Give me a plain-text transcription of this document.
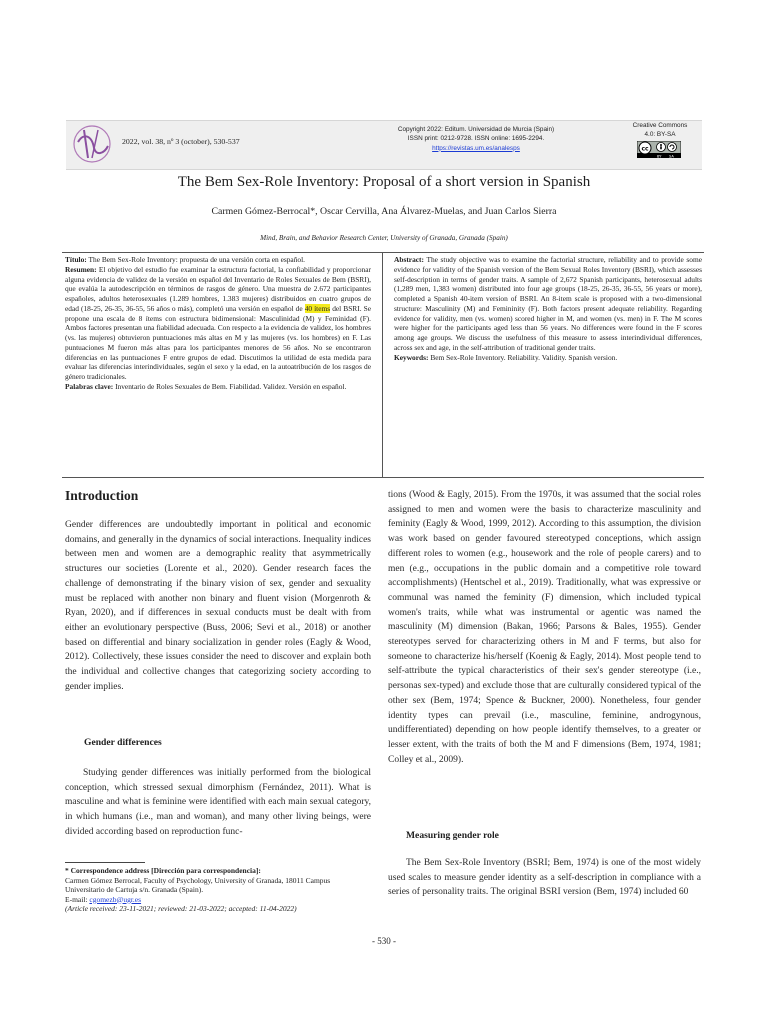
2022, vol. 38, nº 3 (october), 530-537
Copyright 2022: Editum. Universidad de Murcia (Spain)
ISSN print: 0212-9728. ISSN online: 1695-2294.
https://revistas.um.es/analesps
Creative Commons
4.0: BY-SA
cc
BY SA
The Bem Sex-Role Inventory: Proposal of a short version in Spanish
Carmen Gómez-Berrocal*, Oscar Cervilla, Ana Álvarez-Muelas, and Juan Carlos Sierra
Mind, Brain, and Behavior Research Center, University of Granada, Granada (Spain)
Título: The Bem Sex-Role Inventory: propuesta de una versión corta en español.
Resumen: El objetivo del estudio fue examinar la estructura factorial, la confiabilidad y proporcionar alguna evidencia de validez de la versión en español del Inventario de Roles Sexuales de Bem (BSRI), que evalúa la autodescripción en términos de rasgos de género. Una muestra de 2.672 participantes españoles, adultos heterosexuales (1.289 hombres, 1.383 mujeres) distribuidos en cuatro grupos de edad (18-25, 26-35, 36-55, 56 años o más), completó una versión en español de 40 ítems del BSRI. Se propone una escala de 8 ítems con estructura bidimensional: Masculinidad (M) y Feminidad (F). Ambos factores presentan una fiabilidad adecuada. Con respecto a la evidencia de validez, los hombres (vs. las mujeres) obtuvieron puntuaciones más altas en M y las mujeres (vs. los hombres) en F. Las puntuaciones M fueron más altas para los participantes menores de 56 años. No se encontraron diferencias en las puntuaciones F entre grupos de edad. Discutimos la utilidad de esta medida para evaluar las diferencias interindividuales, según el sexo y la edad, en la autoatribución de los rasgos de género tradicionales.
Palabras clave: Inventario de Roles Sexuales de Bem. Fiabilidad. Validez. Versión en español.
Abstract: The study objective was to examine the factorial structure, reliability and to provide some evidence for validity of the Spanish version of the Bem Sexual Roles Inventory (BSRI), which assesses self-description in terms of gender traits. A sample of 2,672 Spanish participants, heterosexual adults (1,289 men, 1,383 women) distributed into four age groups (18-25, 26-35, 36-55, 56 years or more), completed a Spanish 40-item version of BSRI. An 8-item scale is proposed with a two-dimensional structure: Masculinity (M) and Femininity (F). Both factors present adequate reliability. Regarding evidence for validity, men (vs. women) scored higher in M, and women (vs. men) in F. The M scores were higher for the participants aged less than 56 years. No differences were found in the F scores among age groups. We discuss the usefulness of this measure to assess interindividual differences, across sex and age, in the self-attribution of traditional gender traits.
Keywords: Bem Sex-Role Inventory. Reliability. Validity. Spanish version.
Introduction
Gender differences are undoubtedly important in political and economic domains, and generally in the dynamics of social interactions. Inequality indices between men and women are a demographic reality that asymmetrically structures our societies (Lorente et al., 2020). Gender research faces the challenge of demonstrating if the binary vision of sex, gender and sexuality must be replaced with another non binary and fluent vision (Morgenroth & Ryan, 2020), and if differences in sexual conducts must be dealt with from either an evolutionary perspective (Buss, 2006; Sevi et al., 2018) or another based on differential and binary socialization in gender roles (Eagly & Wood, 2012). Collectively, these issues consider the need to discover and explain both the individual and collective changes that categorizing society according to gender implies.
Gender differences
Studying gender differences was initially performed from the biological conception, which stressed sexual dimorphism (Fernández, 2011). What is masculine and what is feminine were identified with each main sexual category, in which humans (i.e., man and woman), and many other living beings, were divided according based on reproduction func-
* Correspondence address [Dirección para correspondencia]:
Carmen Gómez Berrocal, Faculty of Psychology, University of Granada, 18011 Campus Universitario de Cartuja s/n. Granada (Spain).
E-mail: cgomezb@ugr.es
(Article received: 23-11-2021; reviewed: 21-03-2022; accepted: 11-04-2022)
tions (Wood & Eagly, 2015). From the 1970s, it was assumed that the social roles assigned to men and women were the basis to characterize masculinity and feminity (Eagly & Wood, 1999, 2012). According to this assumption, the division was work based on gender favoured stereotyped conceptions, which assign different roles to women (e.g., housework and the role of people carers) and to men (e.g., occupations in the public domain and a competitive role toward accomplishments) (Hentschel et al., 2019). Traditionally, what was expressive or communal was named the feminity (F) dimension, which included typical women's traits, while what was instrumental or agentic was named the masculinity (M) dimension (Bakan, 1966; Parsons & Bales, 1955). Gender stereotypes served for characterizing others in M and F terms, but also for someone to characterize his/herself (Koenig & Eagly, 2014). Most people tend to self-attribute the typical characteristics of their sex's gender stereotype (i.e., personas sex-typed) and exclude those that are culturally considered typical of the other sex (Bem, 1974; Spence & Buckner, 2000). Nonetheless, four gender identity types can prevail (i.e., masculine, feminine, androgynous, undifferentiated) depending on how people identify themselves, to a greater or lesser extent, with the traits of both the M and F dimensions (Bem, 1974, 1981; Colley et al., 2009).
Measuring gender role
The Bem Sex-Role Inventory (BSRI; Bem, 1974) is one of the most widely used scales to measure gender identity as a self-description in compliance with a series of personality traits. The original BSRI version (Bem, 1974) included 60
- 530 -
